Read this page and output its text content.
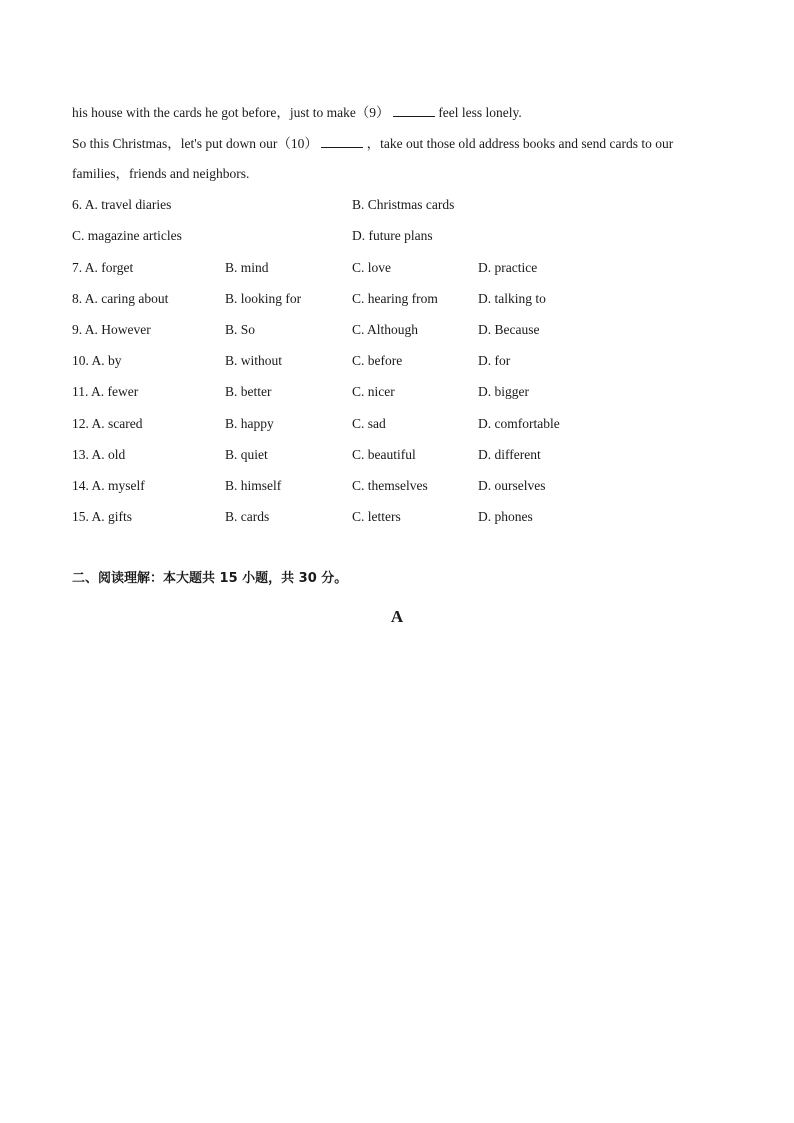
his house with the cards he got before，just to make（9）	feel less lonely.
So this Christmas，let's put down our（10）	，take out those old address books and send cards to our
families，friends and neighbors.
6. A. travel diaries	B. Christmas cards
C. magazine articles	D. future plans
7. A. forget	B. mind	C. love	D. practice
8. A. caring about	B. looking for	C. hearing from	D. talking to
9. A. However	B. So	C. Although	D. Because
10. A. by	B. without	C. before	D. for
11. A. fewer	B. better	C. nicer	D. bigger
12. A. scared	B. happy	C. sad	D. comfortable
13. A. old	B. quiet	C. beautiful	D. different
14. A. myself	B. himself	C. themselves	D. ourselves
15. A. gifts	B. cards	C. letters	D. phones
二、阅读理解：本大题共 15 小题，共 30 分。
A
